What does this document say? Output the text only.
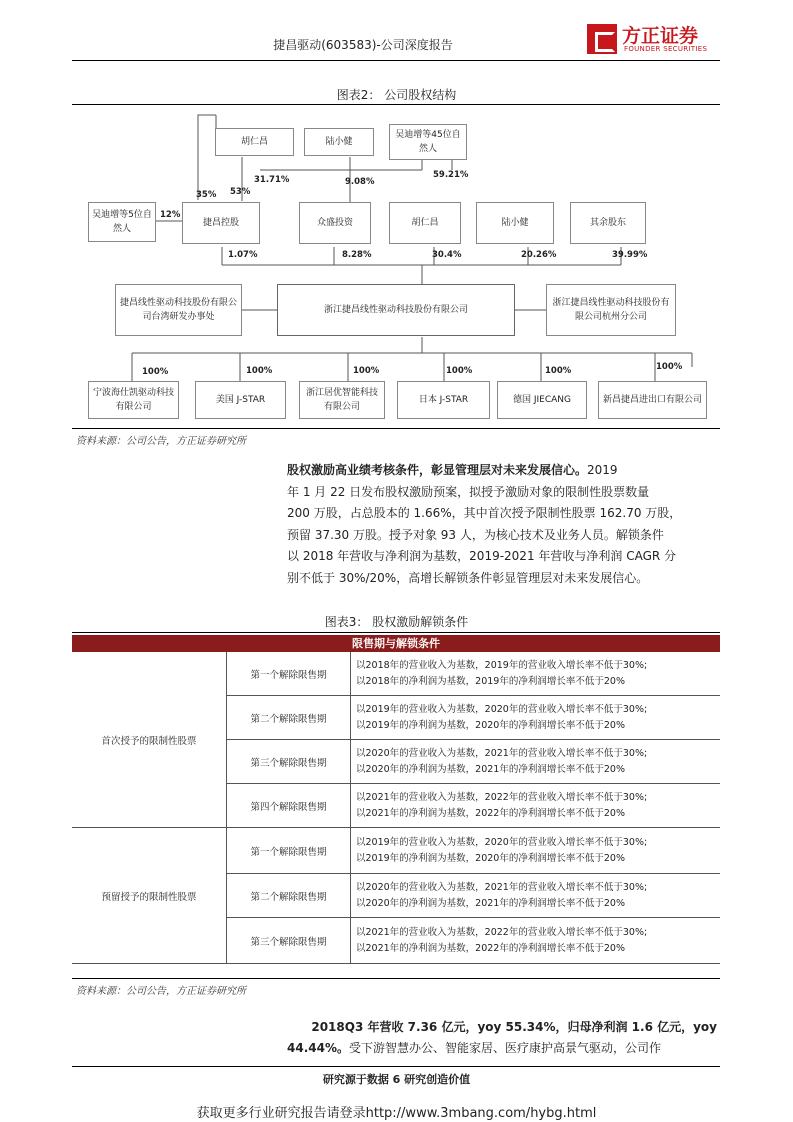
捷昌驱动(603583)-公司深度报告	方正证券
FOUNDER SECURITIES
图表2： 公司股权结构
胡仁昌	陆小健
吴迪增等45位自然人
31.71%	9.08%
59.21%
35% 53%
12%
吴迪增等5位自然人
捷昌控股	众盛投资	胡仁昌	陆小健	其余股东
1.07%	8.28%	30.4%	20.26%	39.99%
捷昌线性驱动科技股份有限公司台湾研发办事处
浙江捷昌线性驱动科技股份有限公司
浙江捷昌线性驱动科技股份有限公司杭州分公司
100%	100%	100%	100%	100%	100%
宁波海仕凯驱动科技有限公司
美国 J-STAR
浙江居优智能科技有限公司
日本 J-STAR	德国 JIECANG	新昌捷昌进出口有限公司
资料来源：公司公告，方正证券研究所
股权激励高业绩考核条件，彰显管理层对未来发展信心。2019
年 1 月 22 日发布股权激励预案，拟授予激励对象的限制性股票数量
200 万股，占总股本的 1.66%，其中首次授予限制性股票 162.70 万股，
预留 37.30 万股。授予对象 93 人，为核心技术及业务人员。解锁条件
以 2018 年营收与净利润为基数，2019-2021 年营收与净利润 CAGR 分
别不低于 30%/20%，高增长解锁条件彰显管理层对未来发展信心。
图表3： 股权激励解锁条件
限售期与解锁条件
首次授予的限制性股票
第一个解除限售期
以2018年的营业收入为基数，2019年的营业收入增长率不低于30%;
以2018年的净利润为基数，2019年的净利润增长率不低于20%
第二个解除限售期
以2019年的营业收入为基数，2020年的营业收入增长率不低于30%;
以2019年的净利润为基数，2020年的净利润增长率不低于20%
第三个解除限售期
以2020年的营业收入为基数，2021年的营业收入增长率不低于30%;
以2020年的净利润为基数，2021年的净利润增长率不低于20%
第四个解除限售期
以2021年的营业收入为基数，2022年的营业收入增长率不低于30%;
以2021年的净利润为基数，2022年的净利润增长率不低于20%
预留授予的限制性股票
第一个解除限售期
以2019年的营业收入为基数，2020年的营业收入增长率不低于30%;
以2019年的净利润为基数，2020年的净利润增长率不低于20%
第二个解除限售期
以2020年的营业收入为基数，2021年的营业收入增长率不低于30%;
以2020年的净利润为基数，2021年的净利润增长率不低于20%
第三个解除限售期
以2021年的营业收入为基数，2022年的营业收入增长率不低于30%;
以2021年的净利润为基数，2022年的净利润增长率不低于20%
资料来源：公司公告，方正证券研究所
2018Q3 年营收 7.36 亿元，yoy 55.34%，归母净利润 1.6 亿元，yoy
44.44%。受下游智慧办公、智能家居、医疗康护高景气驱动，公司作
研究源于数据 6 研究创造价值
获取更多行业研究报告请登录http://www.3mbang.com/hybg.html
